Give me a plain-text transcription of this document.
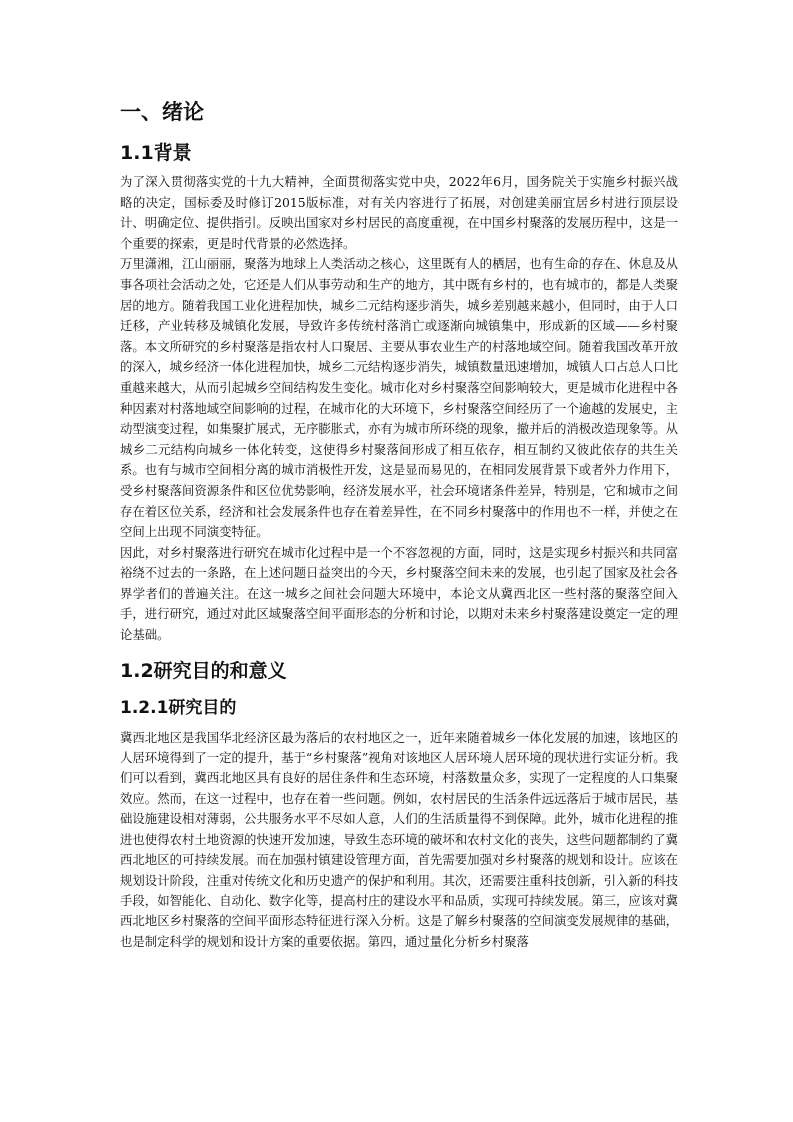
一、绪论
1.1背景

为了深入贯彻落实党的十九大精神，全面贯彻落实党中央，2022年6月，国务院关于实施乡村振兴战略的决定，国标委及时修订2015版标准，对有关内容进行了拓展，对创建美丽宜居乡村进行顶层设计、明确定位、提供指引。反映出国家对乡村居民的高度重视，在中国乡村聚落的发展历程中，这是一个重要的探索，更是时代背景的必然选择。

万里潇湘，江山丽丽，聚落为地球上人类活动之核心，这里既有人的栖居，也有生命的存在、休息及从事各项社会活动之处，它还是人们从事劳动和生产的地方，其中既有乡村的，也有城市的，都是人类聚居的地方。随着我国工业化进程加快，城乡二元结构逐步消失，城乡差别越来越小，但同时，由于人口迁移，产业转移及城镇化发展，导致许多传统村落消亡或逐渐向城镇集中，形成新的区域——乡村聚落。本文所研究的乡村聚落是指农村人口聚居、主要从事农业生产的村落地域空间。随着我国改革开放的深入，城乡经济一体化进程加快，城乡二元结构逐步消失，城镇数量迅速增加，城镇人口占总人口比重越来越大，从而引起城乡空间结构发生变化。城市化对乡村聚落空间影响较大，更是城市化进程中各种因素对村落地域空间影响的过程，在城市化的大环境下，乡村聚落空间经历了一个逾越的发展史，主动型演变过程，如集聚扩展式，无序膨胀式，亦有为城市所环绕的现象，撤并后的消极改造现象等。从城乡二元结构向城乡一体化转变，这使得乡村聚落间形成了相互依存，相互制约又彼此依存的共生关系。也有与城市空间相分离的城市消极性开发，这是显而易见的，在相同发展背景下或者外力作用下，受乡村聚落间资源条件和区位优势影响，经济发展水平，社会环境诸条件差异，特别是，它和城市之间存在着区位关系，经济和社会发展条件也存在着差异性，在不同乡村聚落中的作用也不一样，并使之在空间上出现不同演变特征。

因此，对乡村聚落进行研究在城市化过程中是一个不容忽视的方面，同时，这是实现乡村振兴和共同富裕绕不过去的一条路，在上述问题日益突出的今天，乡村聚落空间未来的发展，也引起了国家及社会各界学者们的普遍关注。在这一城乡之间社会问题大环境中，本论文从冀西北区一些村落的聚落空间入手，进行研究，通过对此区域聚落空间平面形态的分析和讨论，以期对未来乡村聚落建设奠定一定的理论基础。

1.2研究目的和意义
1.2.1研究目的

冀西北地区是我国华北经济区最为落后的农村地区之一，近年来随着城乡一体化发展的加速，该地区的人居环境得到了一定的提升，基于“乡村聚落”视角对该地区人居环境人居环境的现状进行实证分析。我们可以看到，冀西北地区具有良好的居住条件和生态环境，村落数量众多，实现了一定程度的人口集聚效应。然而，在这一过程中，也存在着一些问题。例如，农村居民的生活条件远远落后于城市居民，基础设施建设相对薄弱，公共服务水平不尽如人意，人们的生活质量得不到保障。此外，城市化进程的推进也使得农村土地资源的快速开发加速，导致生态环境的破坏和农村文化的丧失，这些问题都制约了冀西北地区的可持续发展。而在加强村镇建设管理方面，首先需要加强对乡村聚落的规划和设计。应该在规划设计阶段，注重对传统文化和历史遗产的保护和利用。其次，还需要注重科技创新，引入新的科技手段，如智能化、自动化、数字化等，提高村庄的建设水平和品质，实现可持续发展。第三，应该对冀西北地区乡村聚落的空间平面形态特征进行深入分析。这是了解乡村聚落的空间演变发展规律的基础，也是制定科学的规划和设计方案的重要依据。第四，通过量化分析乡村聚落
